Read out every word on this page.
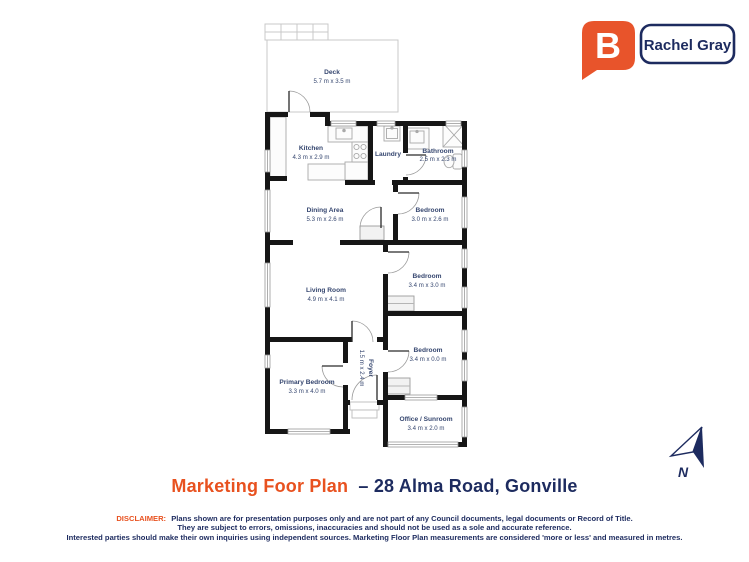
Deck
5.7 m x 3.5 m
Kitchen
4.3 m x 2.9 m	Laundry	Bathroom
2.5 m x 2.3 m
Dining Area
5.3 m x 2.6 m
Bedroom
3.0 m x 2.6 m
Living Room
4.9 m x 4.1 m
Bedroom
3.4 m x 3.0 m
Bedroom
3.4 m x 0.0 m
Foyer
1.5 m x 2.4 m
Primary Bedroom
3.3 m x 4.0 m
Office / Sunroom
3.4 m x 2.0 m
N
B Rachel Gray
Marketing Foor Plan – 28 Alma Road, Gonville
DISCLAIMER: Plans shown are for presentation purposes only and are not part of any Council documents, legal documents or Record of Title.
They are subject to errors, omissions, inaccuracies and should not be used as a sole and accurate reference.
Interested parties should make their own inquiries using independent sources. Marketing Floor Plan measurements are considered 'more or less' and measured in metres.
